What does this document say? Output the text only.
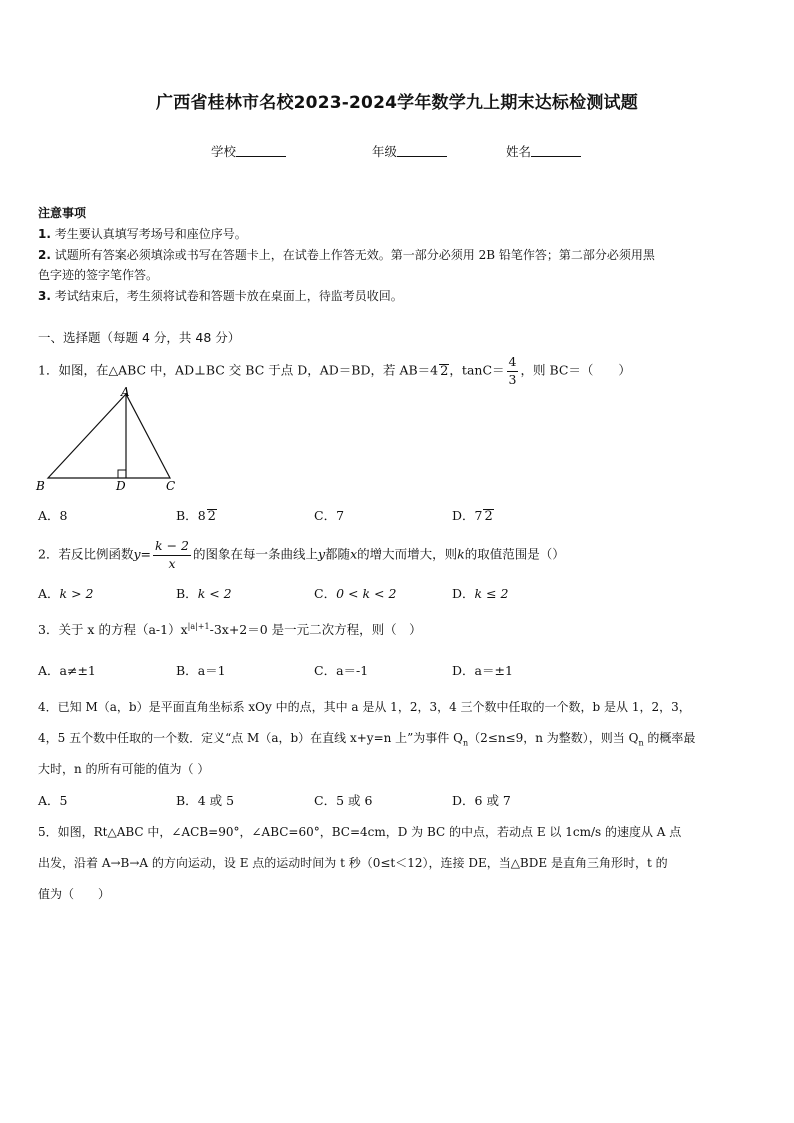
广西省桂林市名校2023-2024学年数学九上期末达标检测试题
学校	年级	姓名
注意事项
1. 考生要认真填写考场号和座位序号。
2. 试题所有答案必须填涂或书写在答题卡上，在试卷上作答无效。第一部分必须用 2B 铅笔作答；第二部分必须用黑
色字迹的签字笔作答。
3. 考试结束后，考生须将试卷和答题卡放在桌面上，待监考员收回。
一、选择题（每题 4 分，共 48 分）
1．如图，在△ABC 中，AD⊥BC 交 BC 于点 D，AD＝BD，若 AB＝4 2，$\tan C= \frac{4}{3}$ ，则 BC＝（　　）
A
B	D	C
A．8	B．8 2	C．7	D．7 2
2．若反比例函数$y= \frac{k - 2}{x}$ 的图象在每一条曲线上y都随x的增大而增大，则k的取值范围是（）
A．k > 2	B．k < 2	C．0 < k < 2	D．k ≤ 2
3．关于 x 的方程$(a-1)x^{|a|+1}-3x+2=0$ 是一元二次方程，则（　）
A．a≠±1	B．a＝1	C．a＝-1	D．a＝±1
4．已知 M（a，b）是平面直角坐标系 xOy 中的点，其中 a 是从 1，2，3，4 三个数中任取的一个数，b 是从 1，2，3，
4，5 五个数中任取的一个数．定义“点 M（a，b）在直线 x+y=n 上”为事件 $Q_n(2\le n\le 9$，n 为整数），则当 $Q_n$ 的概率最
大时，n 的所有可能的值为（ ）
A．5	B．4 或 5	C．5 或 6	D．6 或 7
5．如图，Rt△ABC 中，∠ACB=90°，∠ABC=60°，BC=4cm，D 为 BC 的中点，若动点 E 以 1cm/s 的速度从 A 点
出发，沿着 A→B→A 的方向运动，设 E 点的运动时间为 t 秒（0≤t＜12），连接 DE，当△BDE 是直角三角形时，t 的
值为（　　）
